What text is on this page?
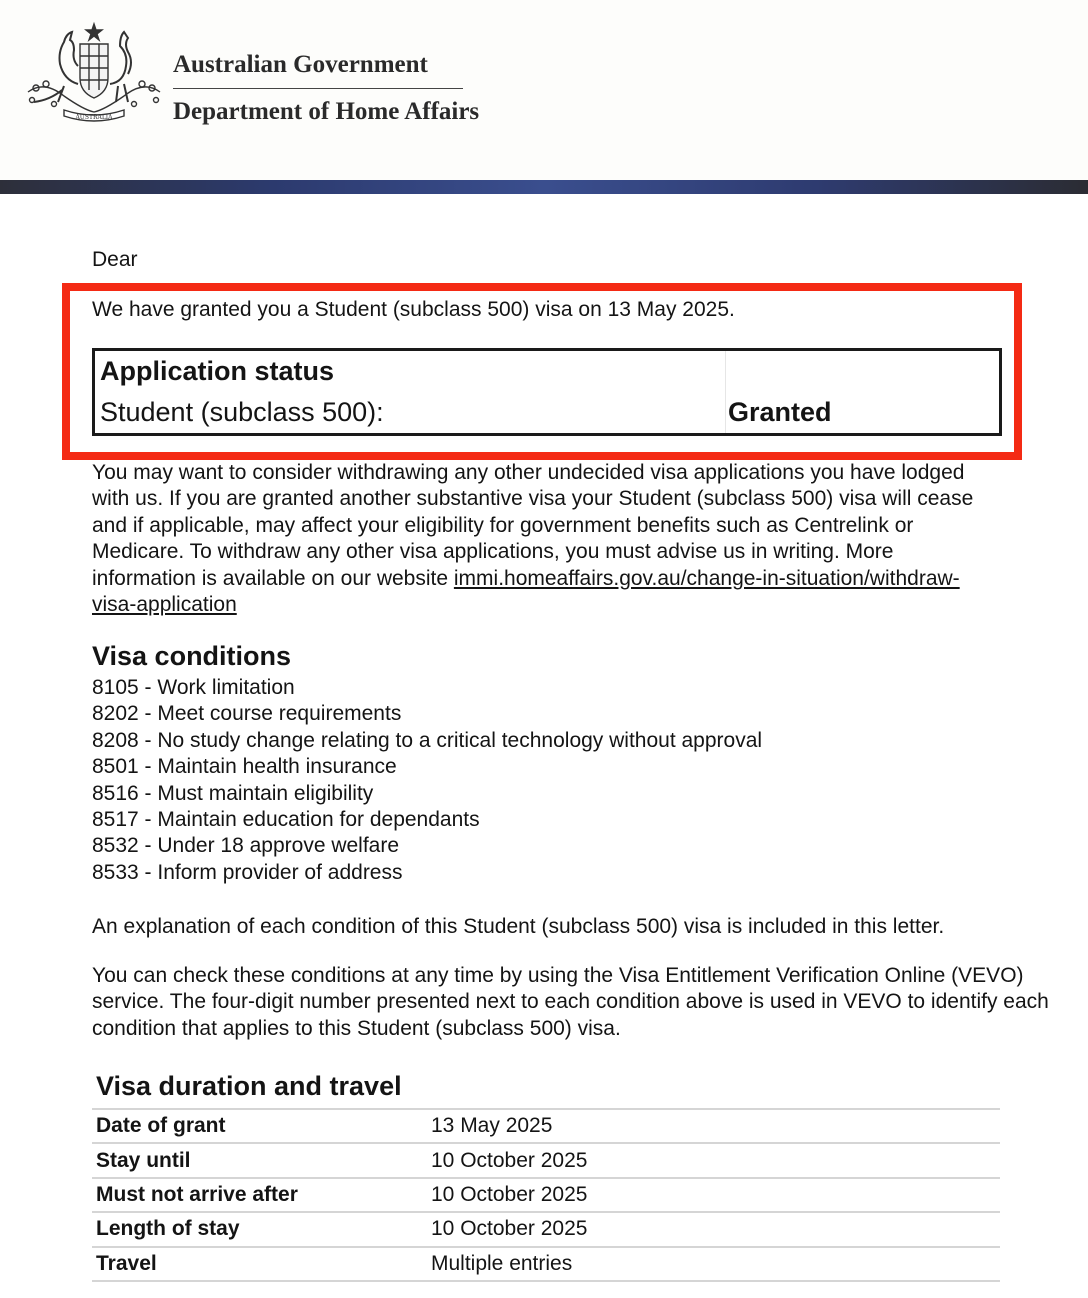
AUSTRALIA
Australian Government
Department of Home Affairs
Dear
We have granted you a Student (subclass 500) visa on 13 May 2025.
Application status
Student (subclass 500):	Granted

You may want to consider withdrawing any other undecided visa applications you have lodged with us. If you are granted another substantive visa your Student (subclass 500) visa will cease and if applicable, may affect your eligibility for government benefits such as Centrelink or Medicare. To withdraw any other visa applications, you must advise us in writing. More information is available on our website immi.homeaffairs.gov.au/change-in-situation/withdraw-visa-application

Visa conditions
8105 - Work limitation
8202 - Meet course requirements
8208 - No study change relating to a critical technology without approval
8501 - Maintain health insurance
8516 - Must maintain eligibility
8517 - Maintain education for dependants
8532 - Under 18 approve welfare
8533 - Inform provider of address

An explanation of each condition of this Student (subclass 500) visa is included in this letter.

You can check these conditions at any time by using the Visa Entitlement Verification Online (VEVO) service. The four-digit number presented next to each condition above is used in VEVO to identify each condition that applies to this Student (subclass 500) visa.

Visa duration and travel
Date of grant	13 May 2025
Stay until	10 October 2025
Must not arrive after	10 October 2025
Length of stay	10 October 2025
Travel	Multiple entries
